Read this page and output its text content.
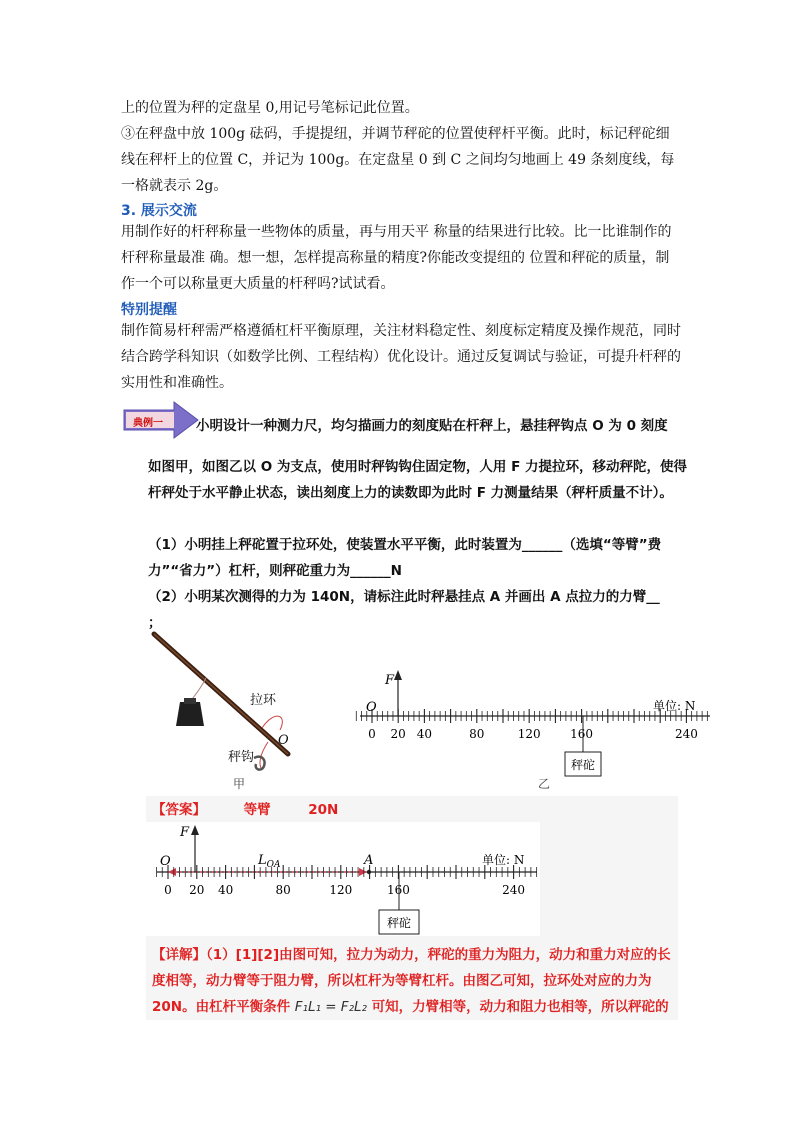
上的位置为秤的定盘星 0,用记号笔标记此位置。

③在秤盘中放 100g 砝码，手提提纽，并调节秤砣的位置使秤杆平衡。此时，标记秤砣细线在秤杆上的位置 C，并记为 100g。在定盘星 0 到 C 之间均匀地画上 49 条刻度线，每一格就表示 2g。

3. 展示交流

用制作好的杆秤称量一些物体的质量，再与用天平 称量的结果进行比较。比一比谁制作的杆秤称量最准 确。想一想，怎样提高称量的精度?你能改变提纽的 位置和秤砣的质量，制作一个可以称量更大质量的杆秤吗?试试看。

特别提醒

制作简易杆秤需严格遵循杠杆平衡原理，关注材料稳定性、刻度标定精度及操作规范，同时结合跨学科知识（如数学比例、工程结构）优化设计。通过反复调试与验证，可提升杆秤的实用性和准确性。

典例一 小明设计一种测力尺，均匀描画力的刻度贴在杆秤上，悬挂秤钩点 O 为 0 刻度

如图甲，如图乙以 O 为支点，使用时秤钩钩住固定物，人用 F 力提拉环，移动秤陀，使得杆秤处于水平静止状态，读出刻度上力的读数即为此时 F 力测量结果（秤杆质量不计）。

（1）小明挂上秤砣置于拉环处，使装置水平平衡，此时装置为______（选填“等臂”费力”“省力”）杠杆，则秤砣重力为______N

（2）小明某次测得的力为 140N，请标注此时秤悬挂点 A 并画出 A 点拉力的力臂__

；

拉环
秤钩
O
甲
F
O	单位: N
0 20 40	80	120 160	240
秤砣
乙
【答案】	等臂	20N
F
O	$L_{OA}$	A	单位: N
0 20 40	80	120	160	240
秤砣

【详解】（1）[1][2]由图可知，拉力为动力，秤砣的重力为阻力，动力和重力对应的长度相等，动力臂等于阻力臂，所以杠杆为等臂杠杆。由图乙可知，拉环处对应的力为 20N。由杠杆平衡条件 F₁L₁ = F₂L₂ 可知，力臂相等，动力和阻力也相等，所以秤砣的
